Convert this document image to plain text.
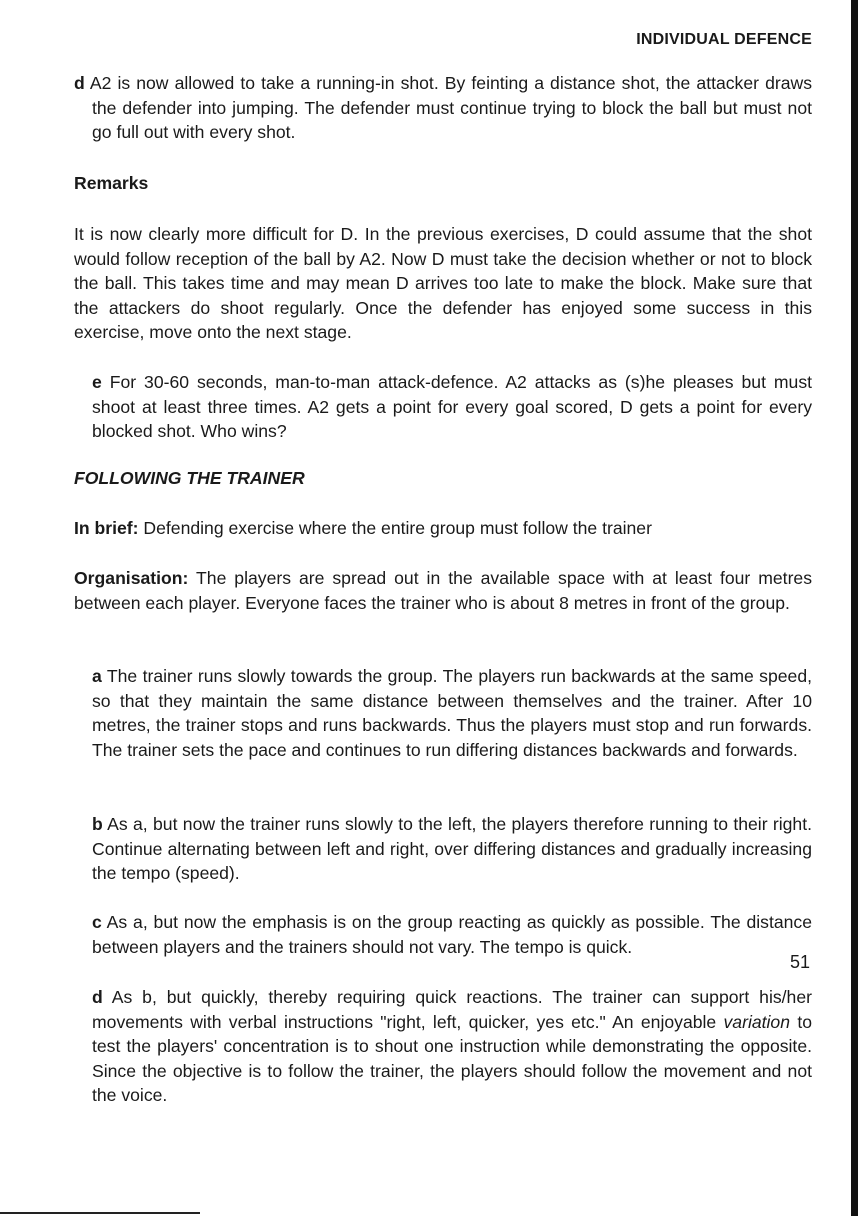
INDIVIDUAL DEFENCE

d A2 is now allowed to take a running-in shot. By feinting a distance shot, the attacker draws the defender into jumping. The defender must continue trying to block the ball but must not go full out with every shot.

Remarks

It is now clearly more difficult for D. In the previous exercises, D could assume that the shot would follow reception of the ball by A2. Now D must take the decision whether or not to block the ball. This takes time and may mean D arrives too late to make the block. Make sure that the attackers do shoot regularly. Once the defender has enjoyed some success in this exercise, move onto the next stage.

e For 30-60 seconds, man-to-man attack-defence. A2 attacks as (s)he pleases but must shoot at least three times. A2 gets a point for every goal scored, D gets a point for every blocked shot. Who wins?

FOLLOWING THE TRAINER

In brief: Defending exercise where the entire group must follow the trainer

Organisation: The players are spread out in the available space with at least four metres between each player. Everyone faces the trainer who is about 8 metres in front of the group.

a The trainer runs slowly towards the group. The players run backwards at the same speed, so that they maintain the same distance between themselves and the trainer. After 10 metres, the trainer stops and runs backwards. Thus the players must stop and run forwards. The trainer sets the pace and continues to run differing distances backwards and forwards.

b As a, but now the trainer runs slowly to the left, the players therefore running to their right. Continue alternating between left and right, over differing distances and gradually increasing the tempo (speed).

c As a, but now the emphasis is on the group reacting as quickly as possible. The distance between players and the trainers should not vary. The tempo is quick.

d As b, but quickly, thereby requiring quick reactions. The trainer can support his/her movements with verbal instructions "right, left, quicker, yes etc." An enjoyable variation to test the players' concentration is to shout one instruction while demonstrating the opposite. Since the objective is to follow the trainer, the players should follow the movement and not the voice.

51
